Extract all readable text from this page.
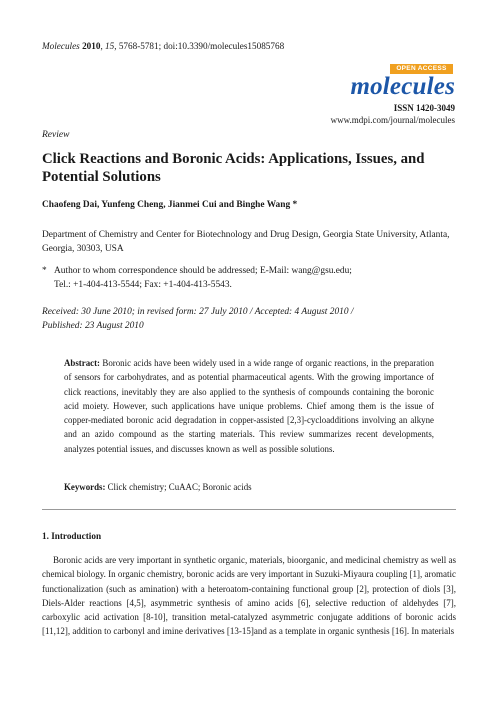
Molecules 2010, 15, 5768-5781; doi:10.3390/molecules15085768
OPEN ACCESS
molecules
ISSN 1420-3049
www.mdpi.com/journal/molecules
Review
Click Reactions and Boronic Acids: Applications, Issues, and Potential Solutions
Chaofeng Dai, Yunfeng Cheng, Jianmei Cui and Binghe Wang *
Department of Chemistry and Center for Biotechnology and Drug Design, Georgia State University, Atlanta, Georgia, 30303, USA
* Author to whom correspondence should be addressed; E-Mail: wang@gsu.edu;
Tel.: +1-404-413-5544; Fax: +1-404-413-5543.
Received: 30 June 2010; in revised form: 27 July 2010 / Accepted: 4 August 2010 /
Published: 23 August 2010
Abstract: Boronic acids have been widely used in a wide range of organic reactions, in the preparation of sensors for carbohydrates, and as potential pharmaceutical agents. With the growing importance of click reactions, inevitably they are also applied to the synthesis of compounds containing the boronic acid moiety. However, such applications have unique problems. Chief among them is the issue of copper-mediated boronic acid degradation in copper-assisted [2,3]-cycloadditions involving an alkyne and an azido compound as the starting materials. This review summarizes recent developments, analyzes potential issues, and discusses known as well as possible solutions.
Keywords: Click chemistry; CuAAC; Boronic acids
1. Introduction
Boronic acids are very important in synthetic organic, materials, bioorganic, and medicinal chemistry as well as chemical biology. In organic chemistry, boronic acids are very important in Suzuki-Miyaura coupling [1], aromatic functionalization (such as amination) with a heteroatom-containing functional group [2], protection of diols [3], Diels-Alder reactions [4,5], asymmetric synthesis of amino acids [6], selective reduction of aldehydes [7], carboxylic acid activation [8-10], transition metal-catalyzed asymmetric conjugate additions of boronic acids [11,12], addition to carbonyl and imine derivatives [13-15]and as a template in organic synthesis [16]. In materials
